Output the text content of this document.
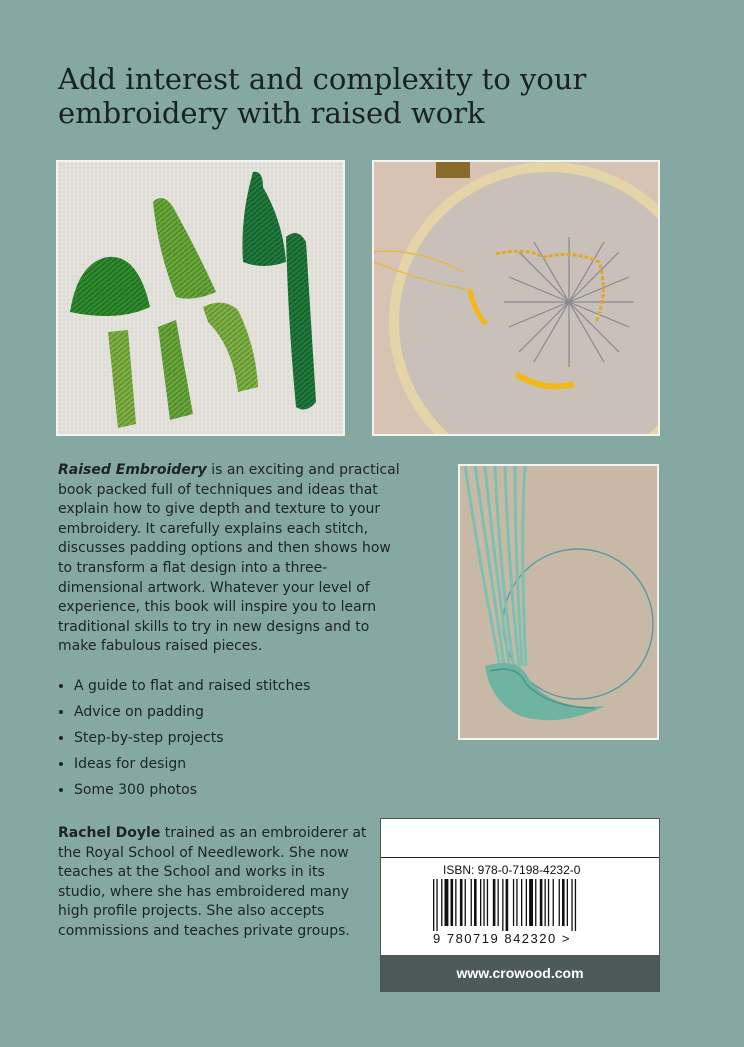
Add interest and complexity to your embroidery with raised work

Raised Embroidery is an exciting and practical book packed full of techniques and ideas that explain how to give depth and texture to your embroidery. It carefully explains each stitch, discusses padding options and then shows how to transform a flat design into a three-dimensional artwork. Whatever your level of experience, this book will inspire you to learn traditional skills to try in new designs and to make fabulous raised pieces.

A guide to flat and raised stitches
Advice on padding
Step-by-step projects
Ideas for design
Some 300 photos

Rachel Doyle trained as an embroiderer at the Royal School of Needlework. She now teaches at the School and works in its studio, where she has embroidered many high profile projects. She also accepts commissions and teaches private groups.

ISBN: 978-0-7198-4232-0
9 780719 842320 >
www.crowood.com
